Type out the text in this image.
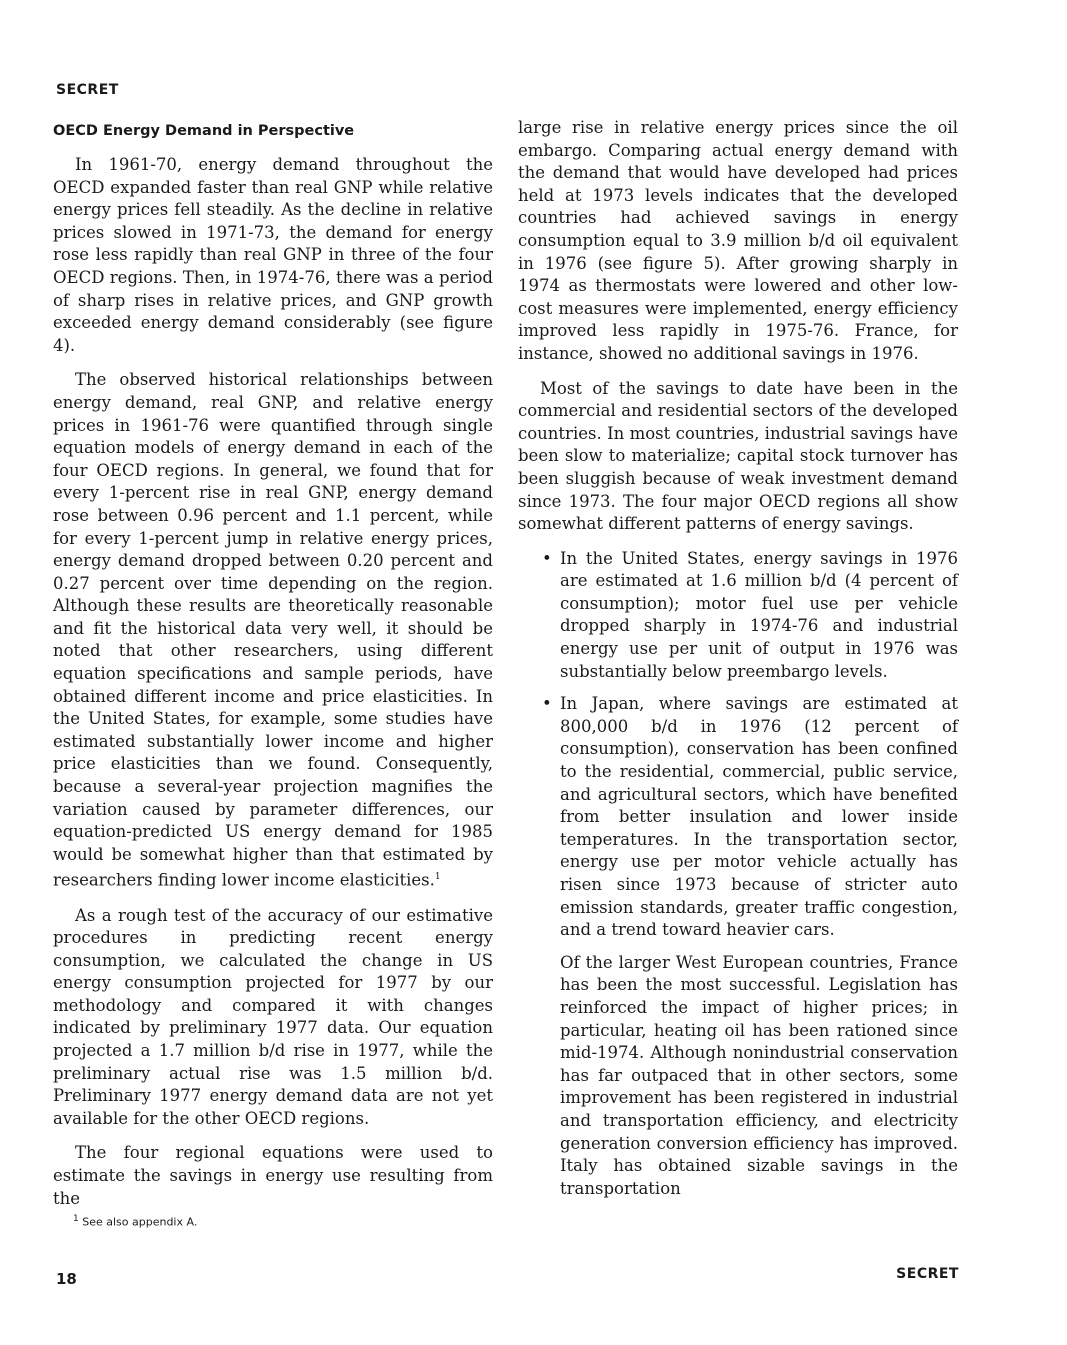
SECRET
OECD Energy Demand in Perspective

In 1961-70, energy demand throughout the OECD expanded faster than real GNP while relative energy prices fell steadily. As the decline in relative prices slowed in 1971-73, the demand for energy rose less rapidly than real GNP in three of the four OECD regions. Then, in 1974-76, there was a period of sharp rises in relative prices, and GNP growth exceeded energy demand considerably (see figure 4).

The observed historical relationships between energy demand, real GNP, and relative energy prices in 1961-76 were quantified through single equation models of energy demand in each of the four OECD regions. In general, we found that for every 1-percent rise in real GNP, energy demand rose between 0.96 percent and 1.1 percent, while for every 1-percent jump in relative energy prices, energy demand dropped between 0.20 percent and 0.27 percent over time depending on the region. Although these results are theoretically reasonable and fit the historical data very well, it should be noted that other researchers, using different equation specifications and sample periods, have obtained different income and price elasticities. In the United States, for example, some studies have estimated substantially lower income and higher price elasticities than we found. Consequently, because a several-year projection magnifies the variation caused by parameter differences, our equation-predicted US energy demand for 1985 would be somewhat higher than that estimated by researchers finding lower income elasticities.$^1$

As a rough test of the accuracy of our estimative procedures in predicting recent energy consumption, we calculated the change in US energy consumption projected for 1977 by our methodology and compared it with changes indicated by preliminary 1977 data. Our equation projected a 1.7 million b/d rise in 1977, while the preliminary actual rise was 1.5 million b/d. Preliminary 1977 energy demand data are not yet available for the other OECD regions.

The four regional equations were used to estimate the savings in energy use resulting from the

$^1$ See also appendix A.

large rise in relative energy prices since the oil embargo. Comparing actual energy demand with the demand that would have developed had prices held at 1973 levels indicates that the developed countries had achieved savings in energy consumption equal to 3.9 million b/d oil equivalent in 1976 (see figure 5). After growing sharply in 1974 as thermostats were lowered and other low-cost measures were implemented, energy efficiency improved less rapidly in 1975-76. France, for instance, showed no additional savings in 1976.

Most of the savings to date have been in the commercial and residential sectors of the developed countries. In most countries, industrial savings have been slow to materialize; capital stock turnover has been sluggish because of weak investment demand since 1973. The four major OECD regions all show somewhat different patterns of energy savings.

• In the United States, energy savings in 1976 are estimated at 1.6 million b/d (4 percent of consumption); motor fuel use per vehicle dropped sharply in 1974-76 and industrial energy use per unit of output in 1976 was substantially below preembargo levels.
• In Japan, where savings are estimated at 800,000 b/d in 1976 (12 percent of consumption), conservation has been confined to the residential, commercial, public service, and agricultural sectors, which have benefited from better insulation and lower inside temperatures. In the transportation sector, energy use per motor vehicle actually has risen since 1973 because of stricter auto emission standards, greater traffic congestion, and a trend toward heavier cars.

Of the larger West European countries, France has been the most successful. Legislation has reinforced the impact of higher prices; in particular, heating oil has been rationed since mid-1974. Although nonindustrial conservation has far outpaced that in other sectors, some improvement has been registered in industrial and transportation efficiency, and electricity generation conversion efficiency has improved. Italy has obtained sizable savings in the transportation

18	SECRET
